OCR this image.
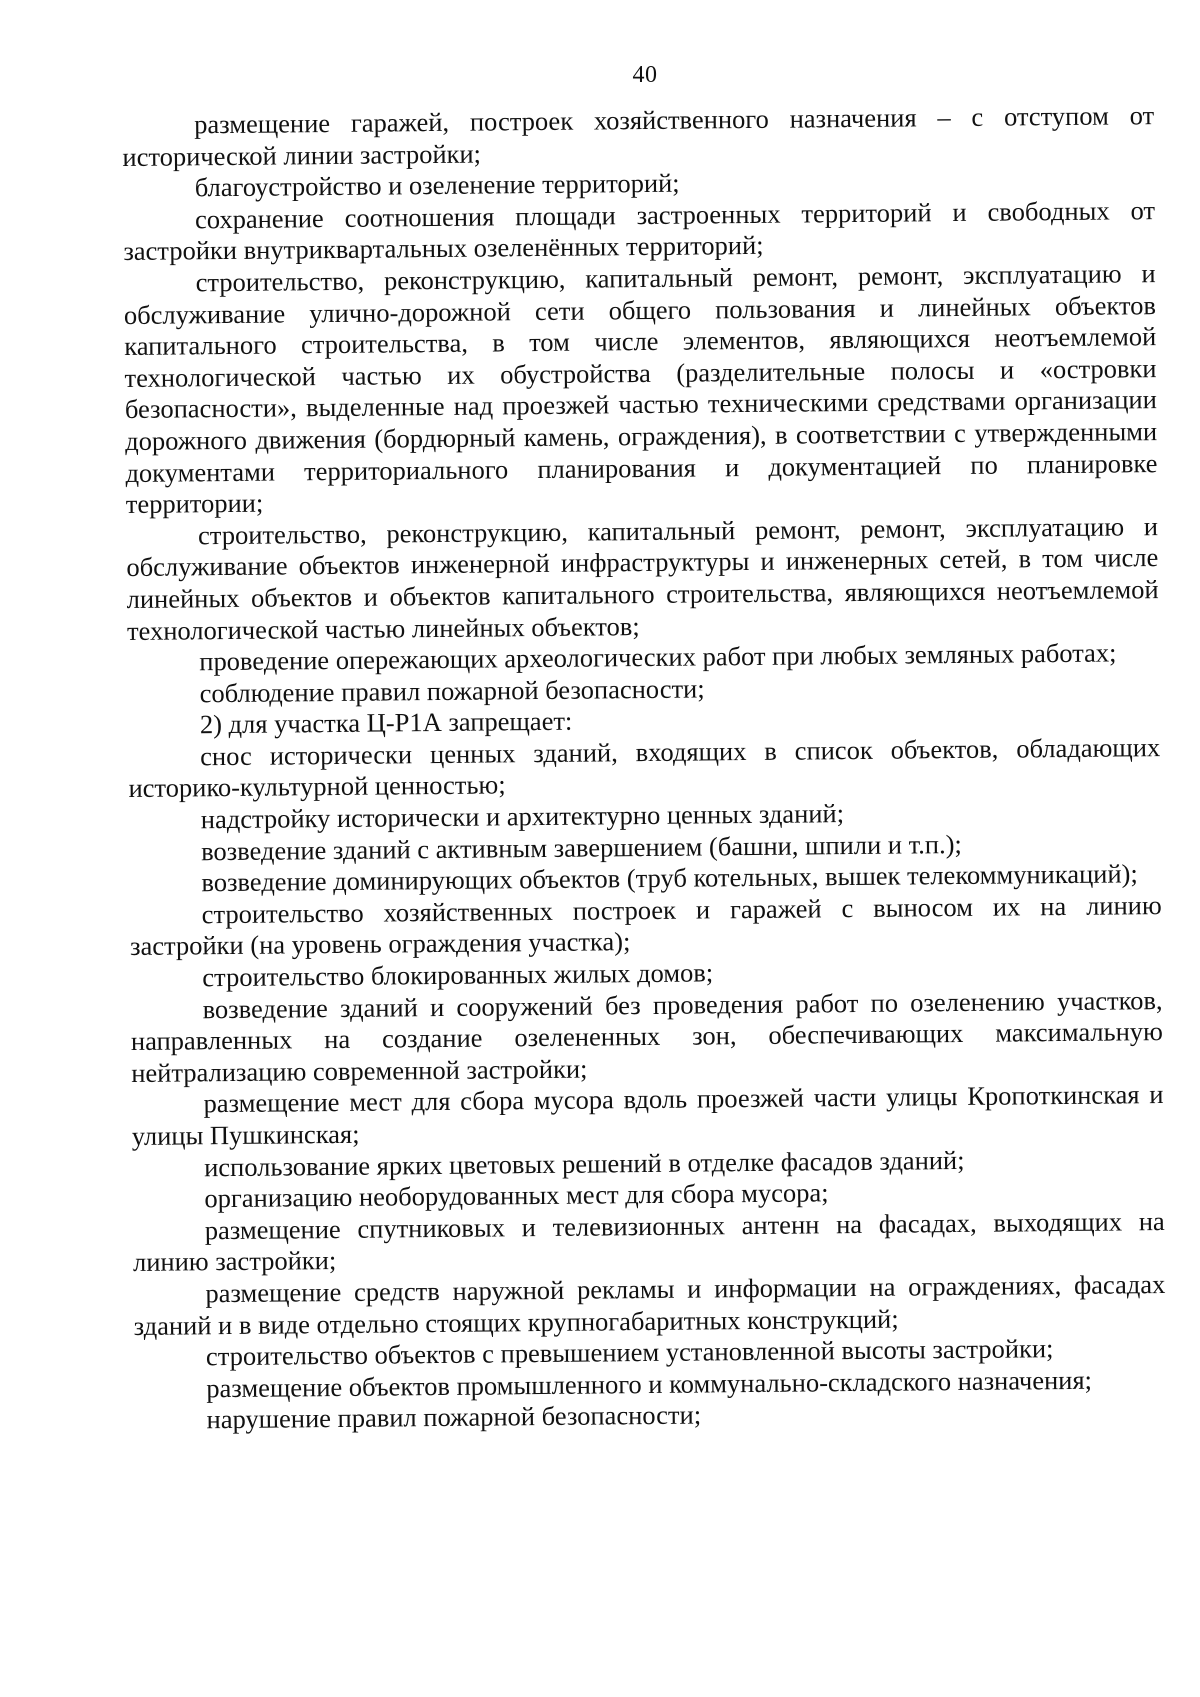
40

размещение гаражей, построек хозяйственного назначения – с отступом от исторической линии застройки;

благоустройство и озеленение территорий;

сохранение соотношения площади застроенных территорий и свободных от застройки внутриквартальных озеленённых территорий;

строительство, реконструкцию, капитальный ремонт, ремонт, эксплуатацию и обслуживание улично-дорожной сети общего пользования и линейных объектов капитального строительства, в том числе элементов, являющихся неотъемлемой технологической частью их обустройства (разделительные полосы и «островки безопасности», выделенные над проезжей частью техническими средствами организации дорожного движения (бордюрный камень, ограждения), в соответствии с утвержденными документами территориального планирования и документацией по планировке территории;

строительство, реконструкцию, капитальный ремонт, ремонт, эксплуатацию и обслуживание объектов инженерной инфраструктуры и инженерных сетей, в том числе линейных объектов и объектов капитального строительства, являющихся неотъемлемой технологической частью линейных объектов;

проведение опережающих археологических работ при любых земляных работах;

соблюдение правил пожарной безопасности;

2) для участка Ц-Р1А запрещает:

снос исторически ценных зданий, входящих в список объектов, обладающих историко-культурной ценностью;

надстройку исторически и архитектурно ценных зданий;

возведение зданий с активным завершением (башни, шпили и т.п.);

возведение доминирующих объектов (труб котельных, вышек телекоммуникаций);

строительство хозяйственных построек и гаражей с выносом их на линию застройки (на уровень ограждения участка);

строительство блокированных жилых домов;

возведение зданий и сооружений без проведения работ по озеленению участков, направленных на создание озелененных зон, обеспечивающих максимальную нейтрализацию современной застройки;

размещение мест для сбора мусора вдоль проезжей части улицы Кропоткинская и улицы Пушкинская;

использование ярких цветовых решений в отделке фасадов зданий;

организацию необорудованных мест для сбора мусора;

размещение спутниковых и телевизионных антенн на фасадах, выходящих на линию застройки;

размещение средств наружной рекламы и информации на ограждениях, фасадах зданий и в виде отдельно стоящих крупногабаритных конструкций;

строительство объектов с превышением установленной высоты застройки;

размещение объектов промышленного и коммунально-складского назначения;

нарушение правил пожарной безопасности;
